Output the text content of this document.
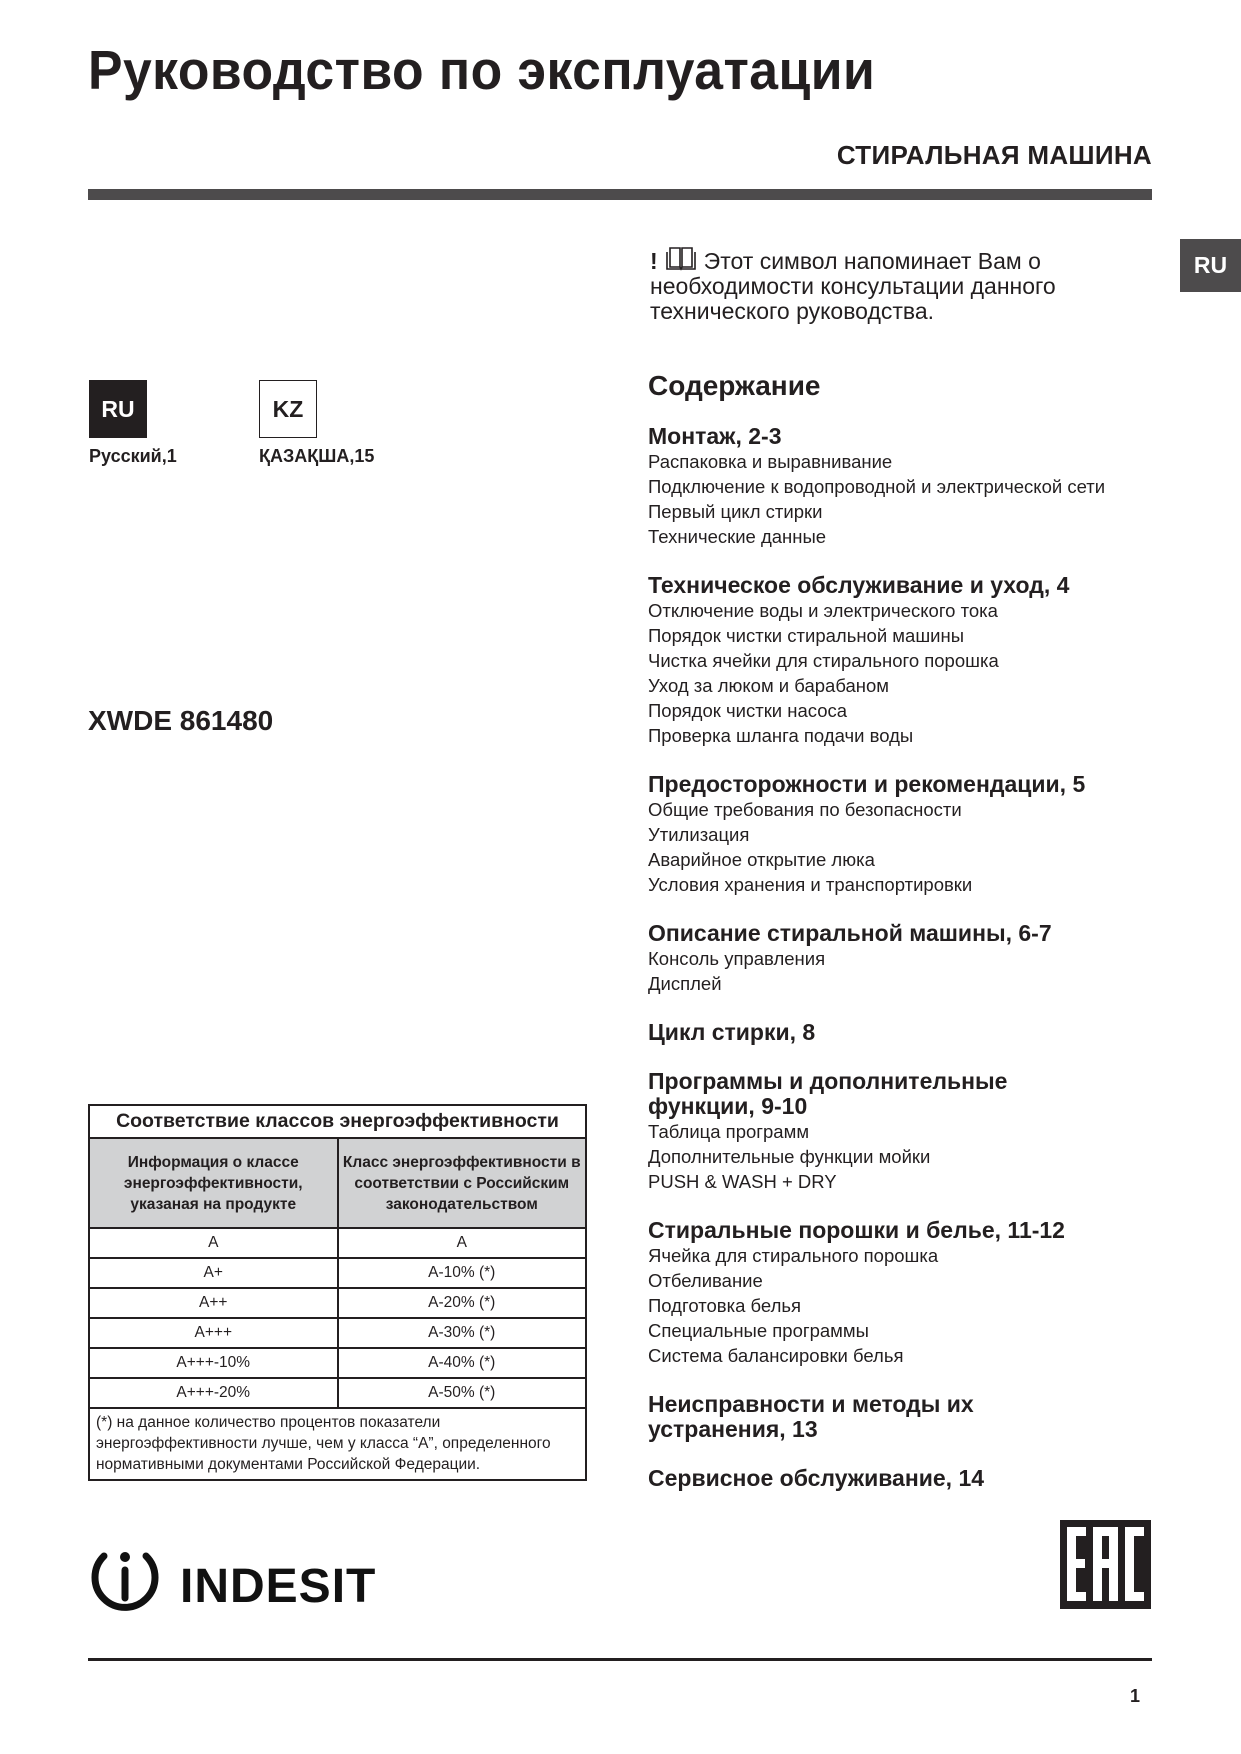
Руководство по эксплуатации
СТИРАЛЬНАЯ МАШИНА
RU
! Этот символ напоминает Вам о необходимости консультации данного технического руководства.
RU	KZ
Русский,1	ҚАЗАҚША,15
XWDE 861480
Содержание

Монтаж, 2-3

Распаковка и выравнивание

Подключение к водопроводной и электрической сети

Первый цикл стирки

Технические данные

Техническое обслуживание и уход, 4

Отключение воды и электрического тока

Порядок чистки стиральной машины

Чистка ячейки для стирального порошка

Уход за люком и барабаном

Порядок чистки насоса

Проверка шланга подачи воды

Предосторожности и рекомендации, 5

Общие требования по безопасности

Утилизация

Аварийное открытие люка

Условия хранения и транспортировки

Описание стиральной машины, 6-7

Консоль управления

Дисплей

Цикл стирки, 8

Программы и дополнительные функции, 9-10

Таблица программ

Дополнительные функции мойки

PUSH & WASH + DRY

Стиральные порошки и белье, 11-12

Ячейка для стирального порошка

Отбеливание

Подготовка белья

Специальные программы

Система балансировки белья

Неисправности и методы их устранения, 13

Сервисное обслуживание, 14

Соответствие классов энергоэффективности	
Информация о классе энергоэффективности, указаная на продукте	Класс энергоэффективности в соответствии с Российским законодательством
A	A
A+	A-10% (*)
A++	A-20% (*)
A+++	A-30% (*)
A+++-10%	A-40% (*)
A+++-20%	A-50% (*)
(*) на данное количество процентов показатели энергоэффективности лучше, чем у класса “A”, определенного нормативными документами Российской Федерации.	
INDESIT
1
